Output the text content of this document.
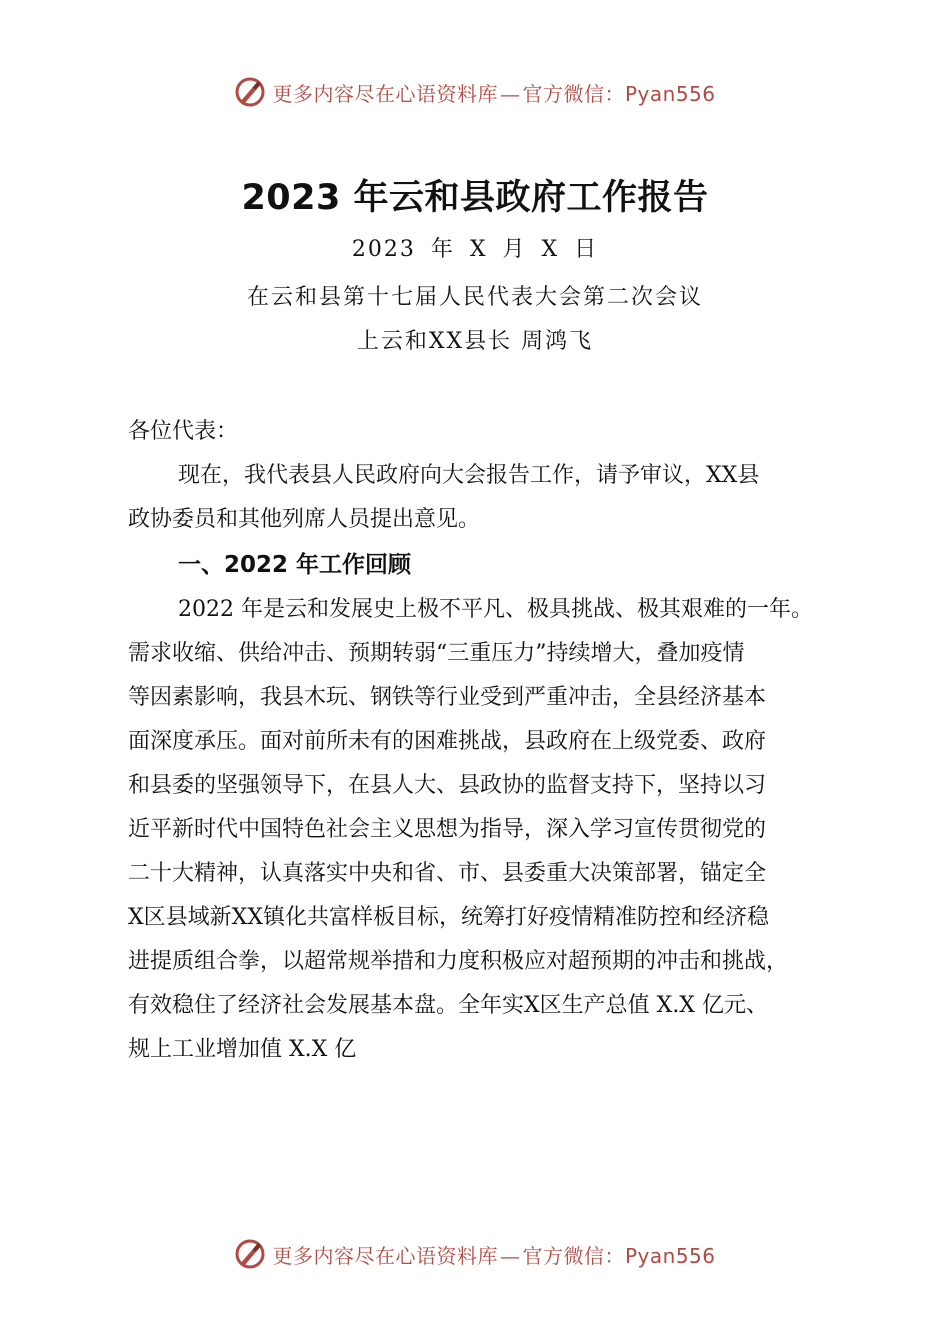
更多内容尽在心语资料库 — 官方微信：Pyan556
2023 年云和县政府工作报告
2023 年 X 月 X 日
在云和县第十七届人民代表大会第二次会议
上云和XX县长 周鸿飞

各位代表：

现在，我代表县人民政府向大会报告工作，请予审议，XX县

政协委员和其他列席人员提出意见。

一、2022 年工作回顾

2022 年是云和发展史上极不平凡、极具挑战、极其艰难的一年。
需求收缩、供给冲击、预期转弱“三重压力”持续增大，叠加疫情
等因素影响，我县木玩、钢铁等行业受到严重冲击，全县经济基本
面深度承压。面对前所未有的困难挑战，县政府在上级党委、政府
和县委的坚强领导下，在县人大、县政协的监督支持下，坚持以习
近平新时代中国特色社会主义思想为指导，深入学习宣传贯彻党的
二十大精神，认真落实中央和省、市、县委重大决策部署，锚定全
X区县域新XX镇化共富样板目标，统筹打好疫情精准防控和经济稳
进提质组合拳，以超常规举措和力度积极应对超预期的冲击和挑战，
有效稳住了经济社会发展基本盘。全年实X区生产总值 X.X 亿元、
规上工业增加值 X.X 亿
更多内容尽在心语资料库 — 官方微信：Pyan556
